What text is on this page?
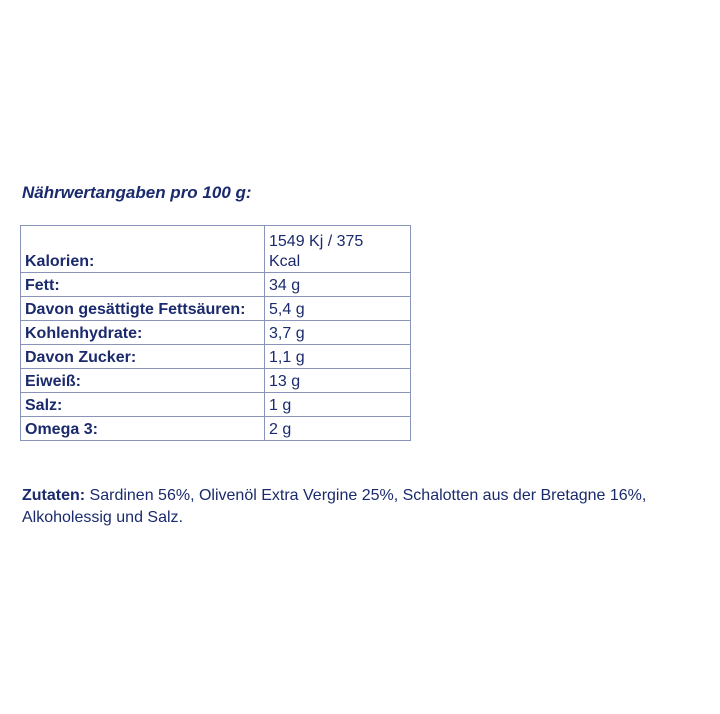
Nährwertangaben pro 100 g:
Kalorien:	1549 Kj / 375
Kcal

Fett:	34 g
Davon gesättigte Fettsäuren:	5,4 g
Kohlenhydrate:	3,7 g
Davon Zucker:	1,1 g
Eiweiß:	13 g
Salz:	1 g
Omega 3:	2 g
Zutaten: Sardinen 56%, Olivenöl Extra Vergine 25%, Schalotten aus der Bretagne 16%, Alkoholessig und Salz.
